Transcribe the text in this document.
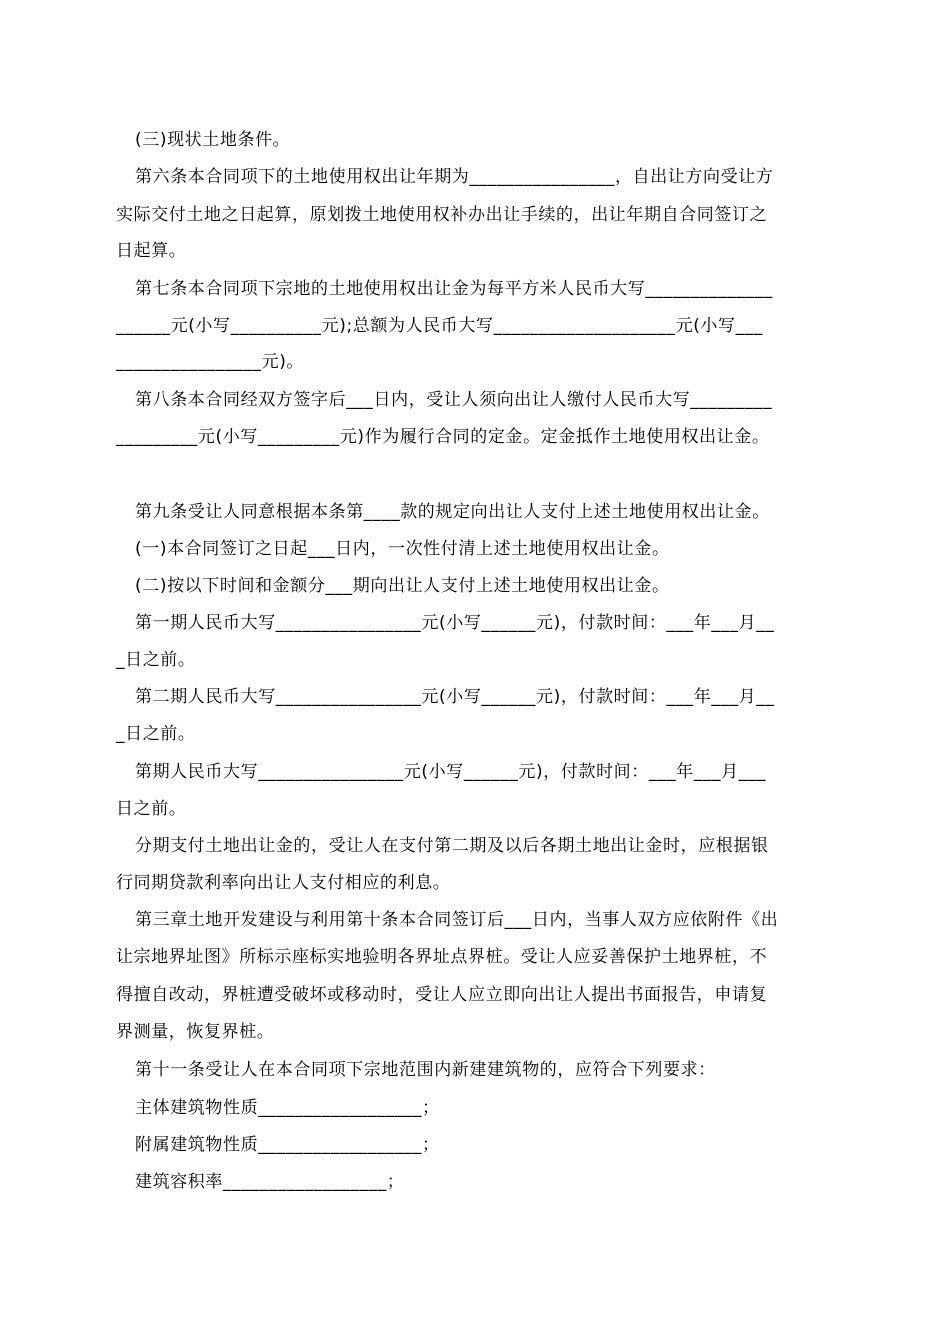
(三)现状土地条件。
第六条本合同项下的土地使用权出让年期为________________，自出让方向受让方
实际交付土地之日起算，原划拨土地使用权补办出让手续的，出让年期自合同签订之
日起算。
第七条本合同项下宗地的土地使用权出让金为每平方米人民币大写______________
______元(小写__________元);总额为人民币大写____________________元(小写___
________________元)。
第八条本合同经双方签字后___日内，受让人须向出让人缴付人民币大写_________
_________元(小写_________元)作为履行合同的定金。定金抵作土地使用权出让金。
第九条受让人同意根据本条第____款的规定向出让人支付上述土地使用权出让金。
(一)本合同签订之日起___日内，一次性付清上述土地使用权出让金。
(二)按以下时间和金额分___期向出让人支付上述土地使用权出让金。
第一期人民币大写________________元(小写______元)，付款时间：___年___月__
_日之前。
第二期人民币大写________________元(小写______元)，付款时间：___年___月__
_日之前。
第期人民币大写________________元(小写______元)，付款时间：___年___月___
日之前。
分期支付土地出让金的，受让人在支付第二期及以后各期土地出让金时，应根据银
行同期贷款利率向出让人支付相应的利息。
第三章土地开发建设与利用第十条本合同签订后___日内，当事人双方应依附件《出
让宗地界址图》所标示座标实地验明各界址点界桩。受让人应妥善保护土地界桩，不
得擅自改动，界桩遭受破坏或移动时，受让人应立即向出让人提出书面报告，申请复
界测量，恢复界桩。
第十一条受让人在本合同项下宗地范围内新建建筑物的，应符合下列要求：
主体建筑物性质__________________；
附属建筑物性质__________________；
建筑容积率__________________；
